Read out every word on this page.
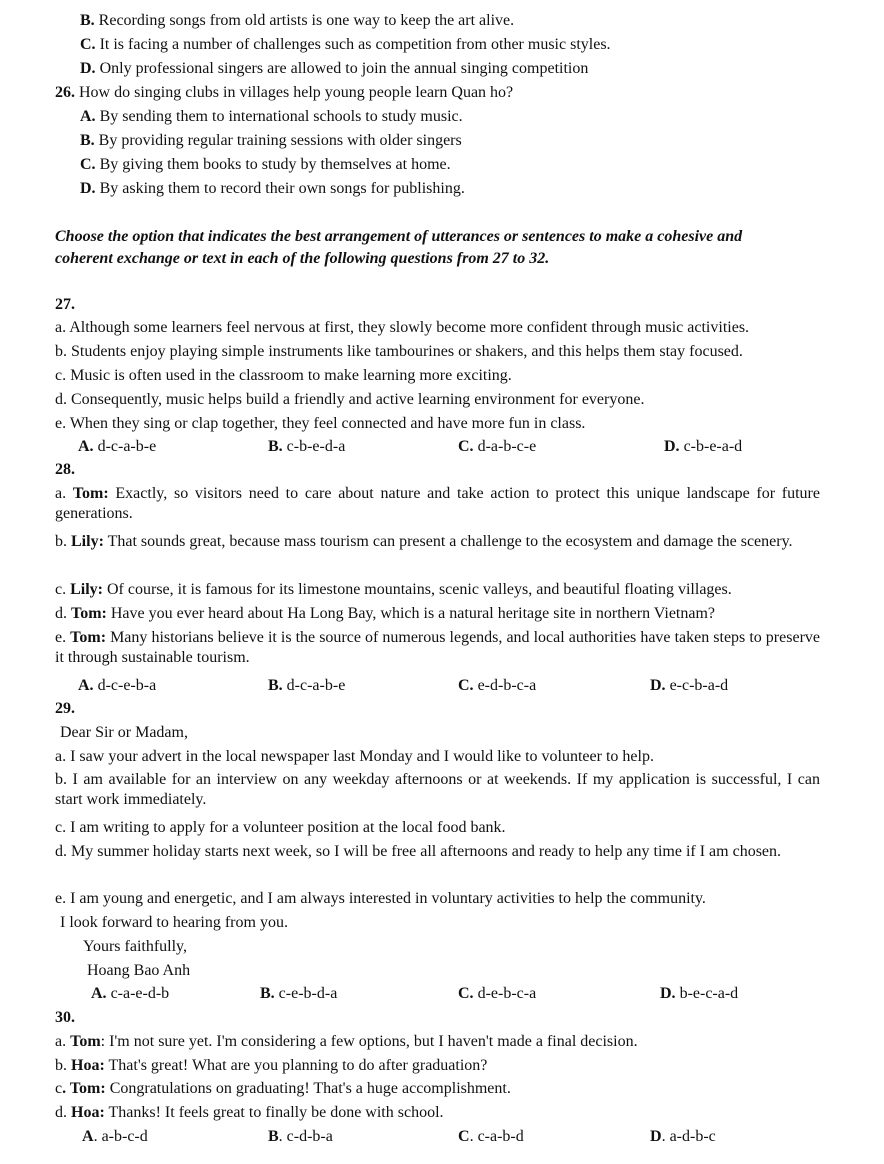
B. Recording songs from old artists is one way to keep the art alive.
C. It is facing a number of challenges such as competition from other music styles.
D. Only professional singers are allowed to join the annual singing competition
26. How do singing clubs in villages help young people learn Quan ho?
A. By sending them to international schools to study music.
B. By providing regular training sessions with older singers
C. By giving them books to study by themselves at home.
D. By asking them to record their own songs for publishing.
Choose the option that indicates the best arrangement of utterances or sentences to make a cohesive and
coherent exchange or text in each of the following questions from 27 to 32.
27.
a. Although some learners feel nervous at first, they slowly become more confident through music activities.
b. Students enjoy playing simple instruments like tambourines or shakers, and this helps them stay focused.
c. Music is often used in the classroom to make learning more exciting.
d. Consequently, music helps build a friendly and active learning environment for everyone.
e. When they sing or clap together, they feel connected and have more fun in class.
A. d-c-a-b-e	B. c-b-e-d-a	C. d-a-b-c-e	D. c-b-e-a-d
28.
a. Tom: Exactly, so visitors need to care about nature and take action to protect this unique landscape for future generations.
b. Lily: That sounds great, because mass tourism can present a challenge to the ecosystem and damage the scenery.
c. Lily: Of course, it is famous for its limestone mountains, scenic valleys, and beautiful floating villages.
d. Tom: Have you ever heard about Ha Long Bay, which is a natural heritage site in northern Vietnam?
e. Tom: Many historians believe it is the source of numerous legends, and local authorities have taken steps to preserve it through sustainable tourism.
A. d-c-e-b-a	B. d-c-a-b-e	C. e-d-b-c-a	D. e-c-b-a-d
29.
Dear Sir or Madam,
a. I saw your advert in the local newspaper last Monday and I would like to volunteer to help.
b. I am available for an interview on any weekday afternoons or at weekends. If my application is successful, I can start work immediately.
c. I am writing to apply for a volunteer position at the local food bank.
d. My summer holiday starts next week, so I will be free all afternoons and ready to help any time if I am chosen.
e. I am young and energetic, and I am always interested in voluntary activities to help the community.
I look forward to hearing from you.
Yours faithfully,
Hoang Bao Anh
A. c-a-e-d-b	B. c-e-b-d-a	C. d-e-b-c-a	D. b-e-c-a-d
30.
a. Tom: I'm not sure yet. I'm considering a few options, but I haven't made a final decision.
b. Hoa: That's great! What are you planning to do after graduation?
c. Tom: Congratulations on graduating! That's a huge accomplishment.
d. Hoa: Thanks! It feels great to finally be done with school.
A. a-b-c-d	B. c-d-b-a	C. c-a-b-d	D. a-d-b-c
